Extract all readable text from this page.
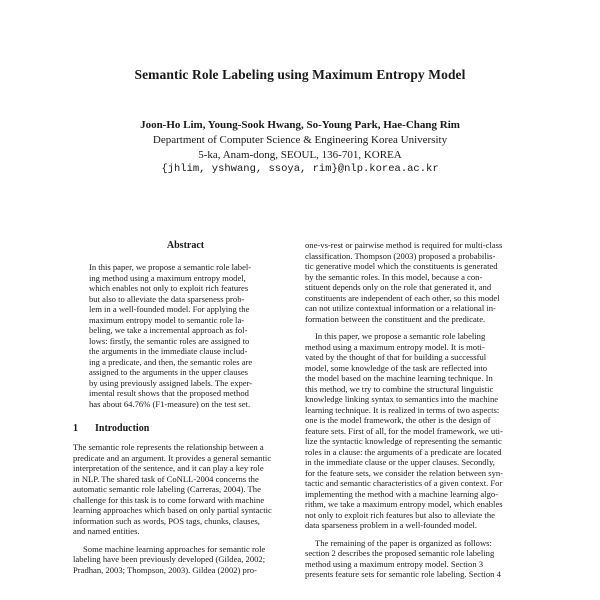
Semantic Role Labeling using Maximum Entropy Model
Joon-Ho Lim, Young-Sook Hwang, So-Young Park, Hae-Chang Rim
Department of Computer Science & Engineering Korea University
5-ka, Anam-dong, SEOUL, 136-701, KOREA
{jhlim, yshwang, ssoya, rim}@nlp.korea.ac.kr
Abstract
In this paper, we propose a semantic role label-
ing method using a maximum entropy model,
which enables not only to exploit rich features
but also to alleviate the data sparseness prob-
lem in a well-founded model. For applying the
maximum entropy model to semantic role la-
beling, we take a incremental approach as fol-
lows: firstly, the semantic roles are assigned to
the arguments in the immediate clause includ-
ing a predicate, and then, the semantic roles are
assigned to the arguments in the upper clauses
by using previously assigned labels. The exper-
imental result shows that the proposed method
has about 64.76% (F1-measure) on the test set.
1 Introduction

The semantic role represents the relationship between a
predicate and an argument. It provides a general semantic
interpretation of the sentence, and it can play a key role
in NLP. The shared task of CoNLL-2004 concerns the
automatic semantic role labeling (Carreras, 2004). The
challenge for this task is to come forward with machine
learning approaches which based on only partial syntactic
information such as words, POS tags, chunks, clauses,
and named entities.

Some machine learning approaches for semantic role
labeling have been previously developed (Gildea, 2002;
Pradhan, 2003; Thompson, 2003). Gildea (2002) pro-

one-vs-rest or pairwise method is required for multi-class
classification. Thompson (2003) proposed a probabilis-
tic generative model which the constituents is generated
by the semantic roles. In this model, because a con-
stituent depends only on the role that generated it, and
constituents are independent of each other, so this model
can not utilize contextual information or a relational in-
formation between the constituent and the predicate.

In this paper, we propose a semantic role labeling
method using a maximum entropy model. It is moti-
vated by the thought of that for building a successful
model, some knowledge of the task are reflected into
the model based on the machine learning technique. In
this method, we try to combine the structural linguistic
knowledge linking syntax to semantics into the machine
learning technique. It is realized in terms of two aspects:
one is the model framework, the other is the design of
feature sets. First of all, for the model framework, we uti-
lize the syntactic knowledge of representing the semantic
roles in a clause: the arguments of a predicate are located
in the immediate clause or the upper clauses. Secondly,
for the feature sets, we consider the relation between syn-
tactic and semantic characteristics of a given context. For
implementing the method with a machine learning algo-
rithm, we take a maximum entropy model, which enables
not only to exploit rich features but also to alleviate the
data sparseness problem in a well-founded model.

The remaining of the paper is organized as follows:
section 2 describes the proposed semantic role labeling
method using a maximum entropy model. Section 3
presents feature sets for semantic role labeling. Section 4
